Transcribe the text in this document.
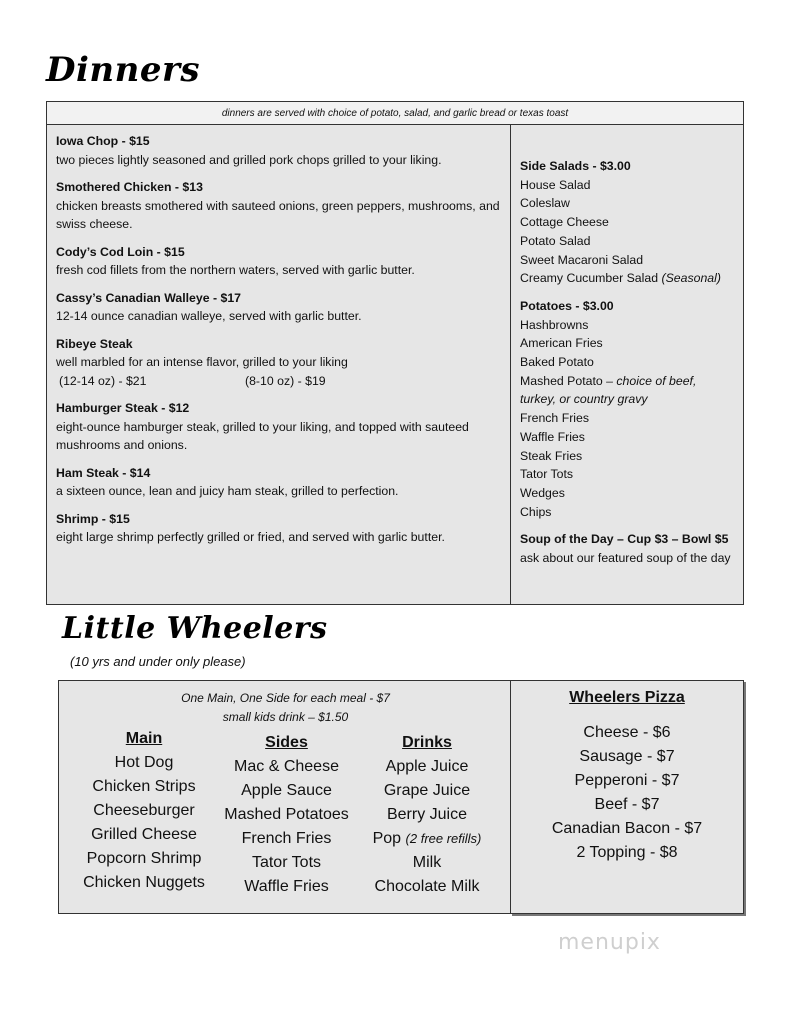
Dinners
dinners are served with choice of potato, salad, and garlic bread or texas toast
Iowa Chop - $15
two pieces lightly seasoned and grilled pork chops grilled to your liking.
Smothered Chicken - $13
chicken breasts smothered with sauteed onions, green peppers, mushrooms, and swiss cheese.
Cody’s Cod Loin - $15
fresh cod fillets from the northern waters, served with garlic butter.
Cassy’s Canadian Walleye - $17
12-14 ounce canadian walleye, served with garlic butter.
Ribeye Steak
well marbled for an intense flavor, grilled to your liking
(12-14 oz) - $21	(8-10 oz) - $19
Hamburger Steak - $12
eight-ounce hamburger steak, grilled to your liking, and topped with sauteed mushrooms and onions.
Ham Steak - $14
a sixteen ounce, lean and juicy ham steak, grilled to perfection.
Shrimp - $15
eight large shrimp perfectly grilled or fried, and served with garlic butter.
Side Salads - $3.00
House Salad
Coleslaw
Cottage Cheese
Potato Salad
Sweet Macaroni Salad
Creamy Cucumber Salad (Seasonal)
Potatoes - $3.00
Hashbrowns
American Fries
Baked Potato
Mashed Potato – choice of beef, turkey, or country gravy
French Fries
Waffle Fries
Steak Fries
Tator Tots
Wedges
Chips
Soup of the Day – Cup $3 – Bowl $5
ask about our featured soup of the day
Little Wheelers
(10 yrs and under only please)
One Main, One Side for each meal - $7
small kids drink – $1.50
Main
Hot Dog
Chicken Strips
Cheeseburger
Grilled Cheese
Popcorn Shrimp
Chicken Nuggets
Sides
Mac & Cheese
Apple Sauce
Mashed Potatoes
French Fries
Tator Tots
Waffle Fries
Drinks
Apple Juice
Grape Juice
Berry Juice
Pop (2 free refills)
Milk
Chocolate Milk
Wheelers Pizza
Cheese - $6
Sausage - $7
Pepperoni - $7
Beef - $7
Canadian Bacon - $7
2 Topping - $8
menupix
